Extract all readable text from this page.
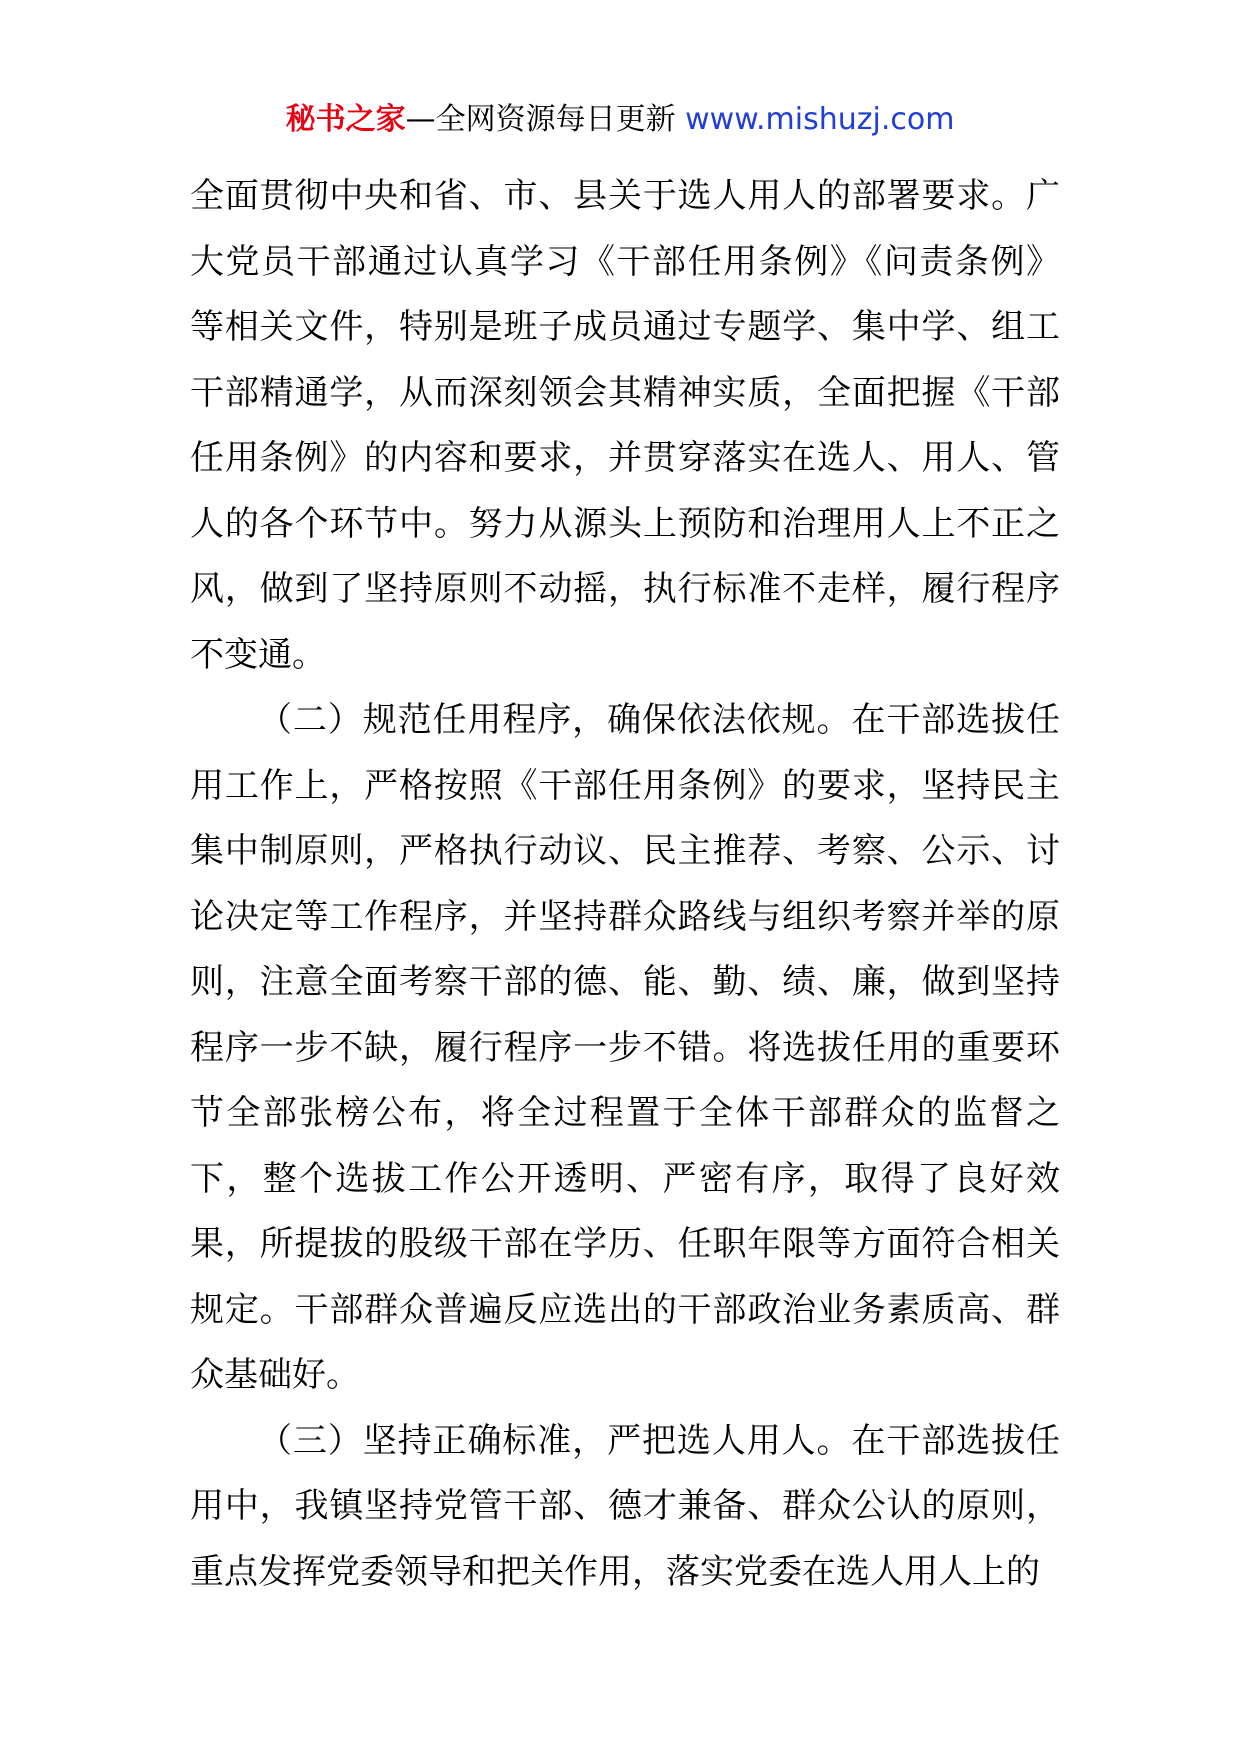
秘书之家—全网资源每日更新 www.mishuzj.com
全面贯彻中央和省、市、县关于选人用人的部署要求。广
大党员干部通过认真学习《干部任用条例》《问责条例》
等相关文件，特别是班子成员通过专题学、集中学、组工
干部精通学，从而深刻领会其精神实质，全面把握《干部
任用条例》的内容和要求，并贯穿落实在选人、用人、管
人的各个环节中。努力从源头上预防和治理用人上不正之
风，做到了坚持原则不动摇，执行标准不走样，履行程序
不变通。
（二）规范任用程序，确保依法依规。在干部选拔任
用工作上，严格按照《干部任用条例》的要求，坚持民主
集中制原则，严格执行动议、民主推荐、考察、公示、讨
论决定等工作程序，并坚持群众路线与组织考察并举的原
则，注意全面考察干部的德、能、勤、绩、廉，做到坚持
程序一步不缺，履行程序一步不错。将选拔任用的重要环
节全部张榜公布，将全过程置于全体干部群众的监督之
下，整个选拔工作公开透明、严密有序，取得了良好效
果，所提拔的股级干部在学历、任职年限等方面符合相关
规定。干部群众普遍反应选出的干部政治业务素质高、群
众基础好。
（三）坚持正确标准，严把选人用人。在干部选拔任
用中，我镇坚持党管干部、德才兼备、群众公认的原则，
重点发挥党委领导和把关作用，落实党委在选人用人上的
